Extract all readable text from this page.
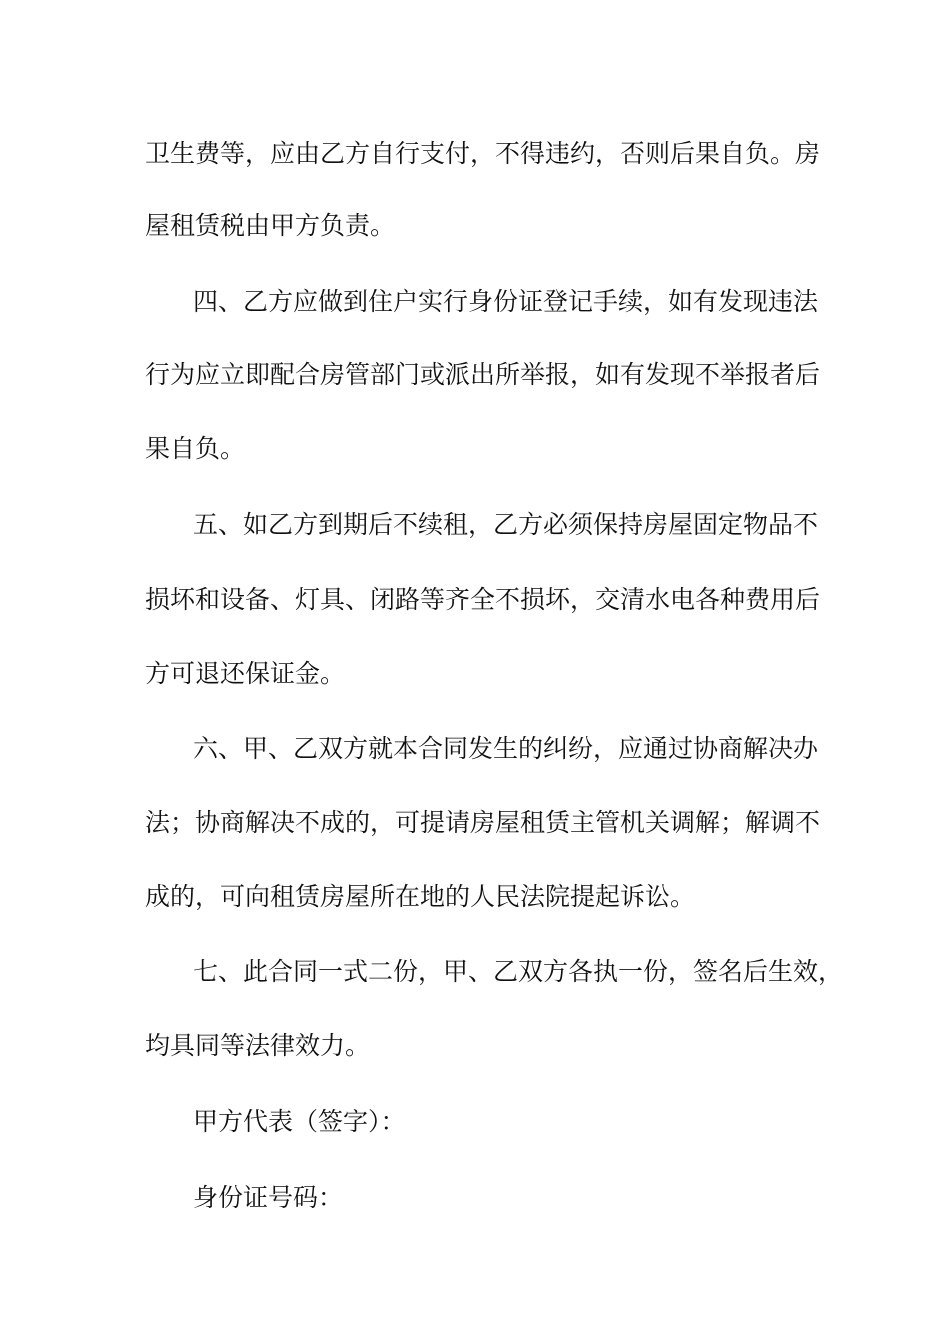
卫生费等，应由乙方自行支付，不得违约，否则后果自负。房
屋租赁税由甲方负责。
四、乙方应做到住户实行身份证登记手续，如有发现违法
行为应立即配合房管部门或派出所举报，如有发现不举报者后
果自负。
五、如乙方到期后不续租，乙方必须保持房屋固定物品不
损坏和设备、灯具、闭路等齐全不损坏，交清水电各种费用后
方可退还保证金。
六、甲、乙双方就本合同发生的纠纷，应通过协商解决办
法；协商解决不成的，可提请房屋租赁主管机关调解；解调不
成的，可向租赁房屋所在地的人民法院提起诉讼。
七、此合同一式二份，甲、乙双方各执一份，签名后生效，
均具同等法律效力。
甲方代表（签字）：
身份证号码：
